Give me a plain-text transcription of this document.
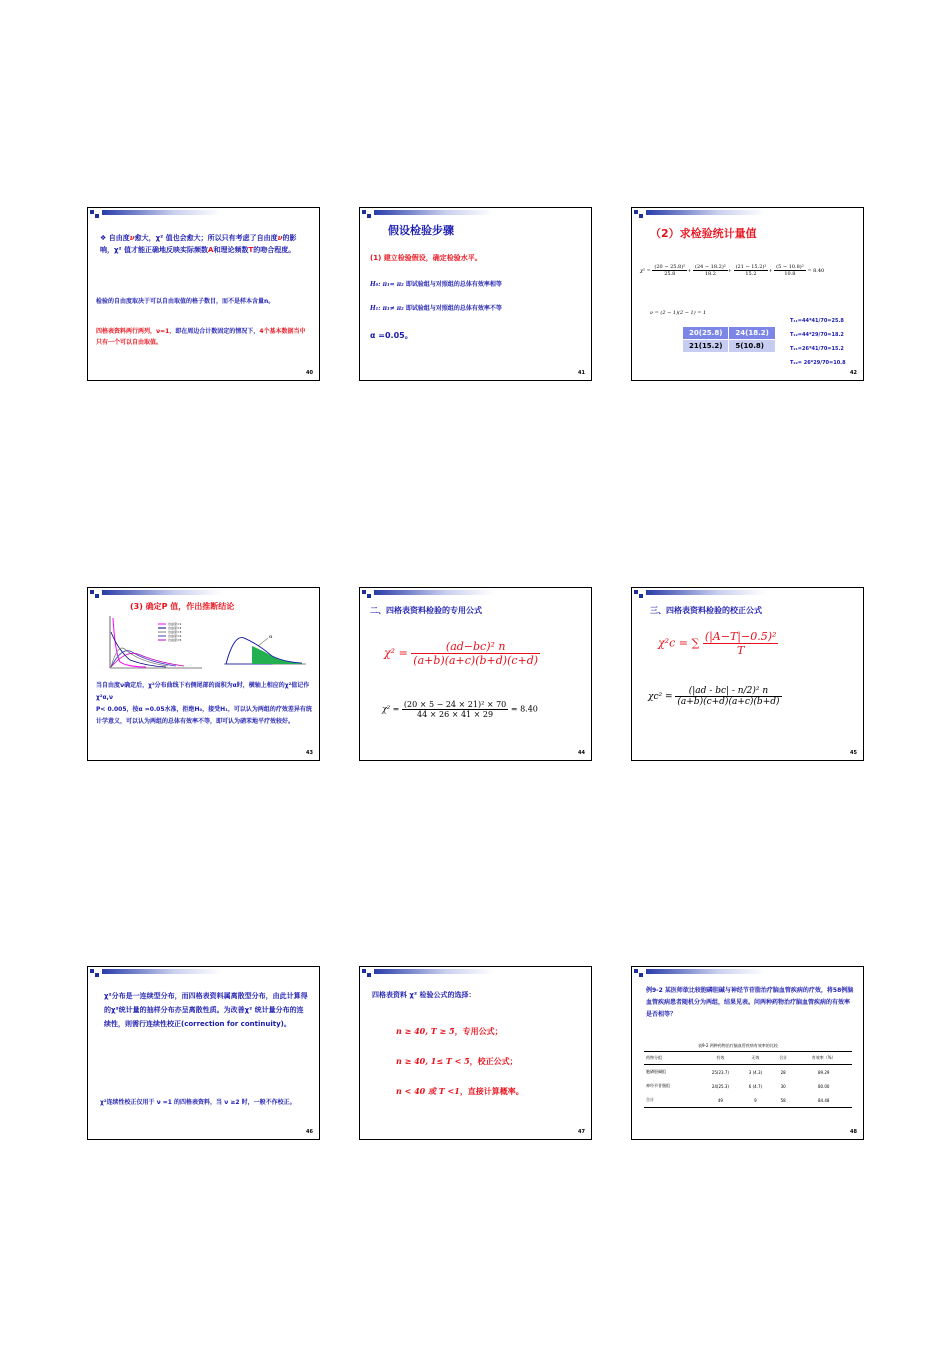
❖ 自由度ν愈大，χ² 值也会愈大；所以只有考虑了自由度ν的影响，χ² 值才能正确地反映实际频数A和理论频数T的吻合程度。
检验的自由度取决于可以自由取值的格子数目，而不是样本含量n。
四格表资料两行两列，ν=1，即在周边合计数固定的情况下，4个基本数据当中只有一个可以自由取值。
40
假设检验步骤
(1) 建立检验假设，确定检验水平。
H₀: π₁= π₂ 即试验组与对照组的总体有效率相等
H₁: π₁≠ π₂ 即试验组与对照组的总体有效率不等
α =0.05。
41
（2）求检验统计量值
$\chi^2 = \frac{\text{(20 − 25.8)²}}{25.8} + \frac{\text{(24 − 18.2)²}}{18.2} + \frac{\text{(21 − 15.2)²}}{15.2} + \frac{\text{(5 − 10.8)²}}{10.8} = 8.40$
ν = (2 − 1)(2 − 1) = 1
20(25.8)	24(18.2)
21(15.2)	5(10.8)
T₁₁=44*41/70=25.8
T₁₂=44*29/70=18.2
T₂₁=26*41/70=15.2
T₂₂= 26*29/70=10.8
42
(3) 确定P 值，作出推断结论
自由度=1
自由度=2
自由度=3
自由度=4
自由度=5	α
当自由度ν确定后，χ²分布曲线下右侧尾部的面积为α时，横轴上相应的χ²值记作χ²α,ν
P< 0.005，按α =0.05水准，拒绝H₀，接受H₁，可以认为两组的疗效差异有统计学意义，可以认为两组的总体有效率不等，即可认为硝苯地平疗效较好。
43
二、四格表资料检验的专用公式
$\chi^2 = \frac{\text{(ad−bc)² n}}{(a+b)(a+c)(b+d)(c+d)}$
$\chi^2 = \frac{\text{(20 × 5 − 24 × 21)² × 70}}{44 \times 26 \times 41 \times 29} = 8.40$
44
三、四格表资料检验的校正公式
χ²c = ∑ $\frac{\text{(|A−T|−0.5)²}}{T}$
$\chi c^2 = \frac{\text{(|ad - bc| - n/2)² n}}{(a+b)(c+d)(a+c)(b+d)}$
45
χ²分布是一连续型分布，而四格表资料属离散型分布，由此计算得的χ²统计量的抽样分布亦呈离散性质。为改善χ² 统计量分布的连续性，则需行连续性校正(correction for continuity)。
χ²连续性校正仅用于 ν =1 的四格表资料，当 ν ≥2 时，一般不作校正。
46
四格表资料 χ² 检验公式的选择：
n ≥ 40, T ≥ 5，专用公式；
n ≥ 40, 1≤ T < 5，校正公式；
n < 40 或 T <1，直接计算概率。
47
例9-2 某医师欲比较胞磷胆碱与神经节苷脂治疗脑血管疾病的疗效，将58例脑血管疾病患者随机分为两组，结果见表。问两种药物治疗脑血管疾病的有效率是否相等？
表9-2 两种药物治疗脑血管疾病有效率的比较
药物分组	有效	无效	合计	有效率（%）
胞磷胆碱组	25(23.7)	3 (4.3)	28	89.29
神经节苷脂组	24(25.3)	6 (4.7)	30	80.00
合计	49	9	58	84.48
48
